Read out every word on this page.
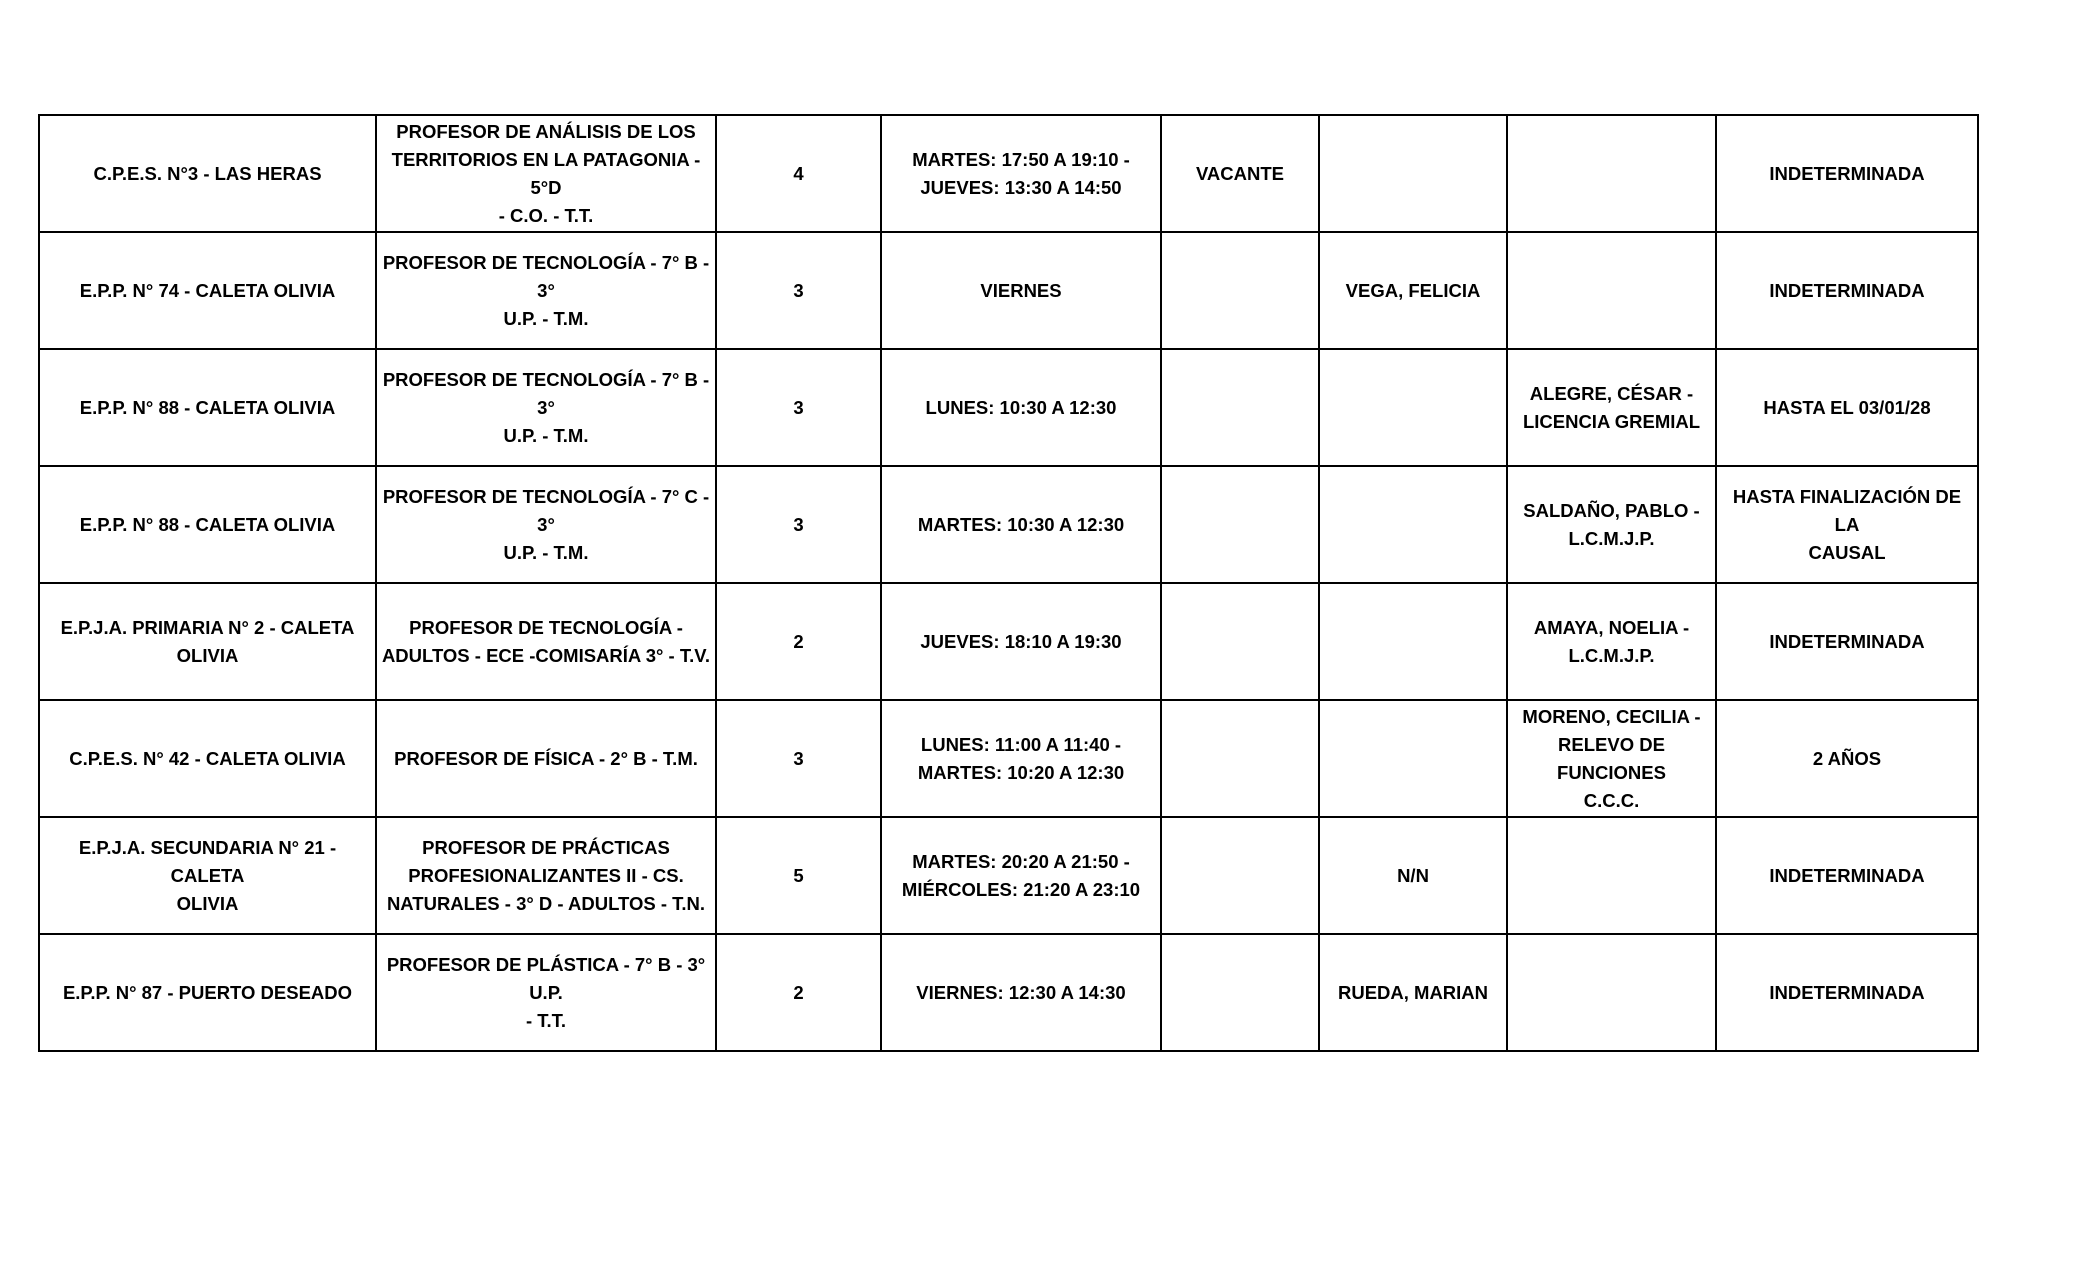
C.P.E.S. N°3 - LAS HERAS	PROFESOR DE ANÁLISIS DE LOS
TERRITORIOS EN LA PATAGONIA - 5°D
- C.O. - T.T.	4	MARTES: 17:50 A 19:10 -
JUEVES: 13:30 A 14:50	VACANTE			INDETERMINADA
E.P.P. N° 74 - CALETA OLIVIA	PROFESOR DE TECNOLOGÍA - 7° B - 3°
U.P. - T.M.	3	VIERNES		VEGA, FELICIA		INDETERMINADA
E.P.P. N° 88 - CALETA OLIVIA	PROFESOR DE TECNOLOGÍA - 7° B - 3°
U.P. - T.M.	3	LUNES: 10:30 A 12:30			ALEGRE, CÉSAR -
LICENCIA GREMIAL	HASTA EL 03/01/28
E.P.P. N° 88 - CALETA OLIVIA	PROFESOR DE TECNOLOGÍA - 7° C - 3°
U.P. - T.M.	3	MARTES: 10:30 A 12:30			SALDAÑO, PABLO -
L.C.M.J.P.	HASTA FINALIZACIÓN DE LA
CAUSAL
E.P.J.A. PRIMARIA N° 2 - CALETA
OLIVIA	PROFESOR DE TECNOLOGÍA -
ADULTOS - ECE -COMISARÍA 3° - T.V.	2	JUEVES: 18:10 A 19:30			AMAYA, NOELIA -
L.C.M.J.P.	INDETERMINADA
C.P.E.S. N° 42 - CALETA OLIVIA	PROFESOR DE FÍSICA - 2° B - T.M.	3	LUNES: 11:00 A 11:40 -
MARTES: 10:20 A 12:30			MORENO, CECILIA -
RELEVO DE FUNCIONES
C.C.C.	2 AÑOS
E.P.J.A. SECUNDARIA N° 21 - CALETA
OLIVIA	PROFESOR DE PRÁCTICAS
PROFESIONALIZANTES II - CS.
NATURALES - 3° D - ADULTOS - T.N.	5	MARTES: 20:20 A 21:50 -
MIÉRCOLES: 21:20 A 23:10		N/N		INDETERMINADA
E.P.P. N° 87 - PUERTO DESEADO	PROFESOR DE PLÁSTICA - 7° B - 3° U.P.
- T.T.	2	VIERNES: 12:30 A 14:30		RUEDA, MARIAN		INDETERMINADA
